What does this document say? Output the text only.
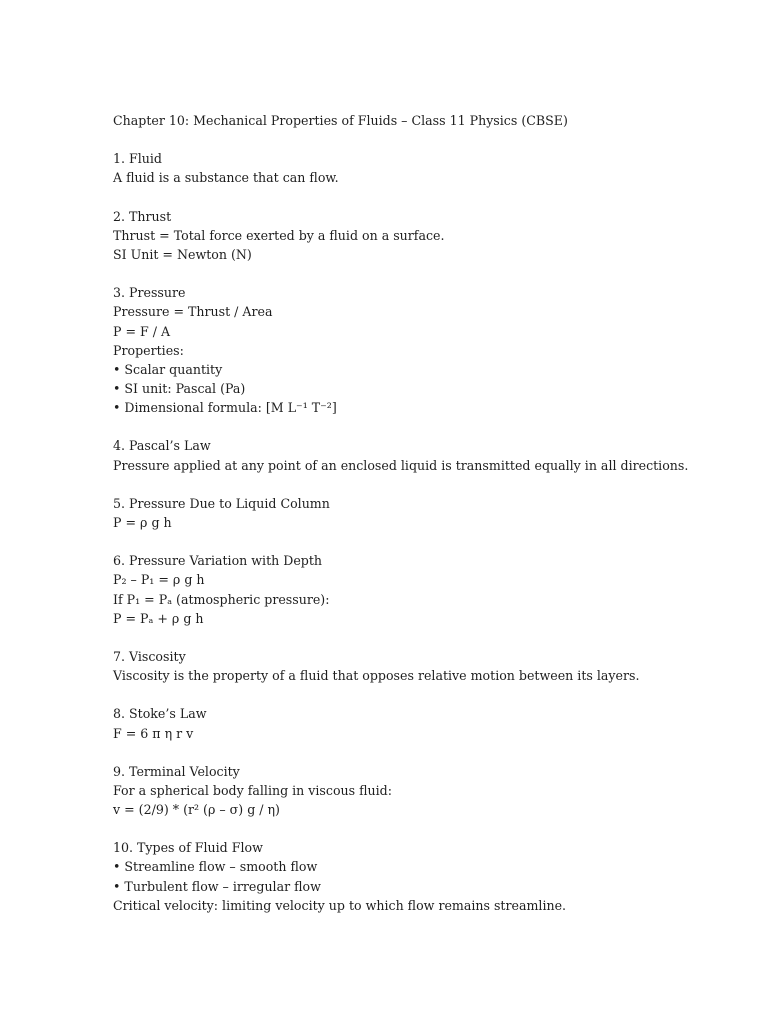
Chapter 10: Mechanical Properties of Fluids – Class 11 Physics (CBSE)
1. Fluid
A fluid is a substance that can flow.
2. Thrust
Thrust = Total force exerted by a fluid on a surface.
SI Unit = Newton (N)
3. Pressure
Pressure = Thrust / Area
P = F / A
Properties:
• Scalar quantity
• SI unit: Pascal (Pa)
• Dimensional formula: [M L⁻¹ T⁻²]
4. Pascal’s Law
Pressure applied at any point of an enclosed liquid is transmitted equally in all directions.
5. Pressure Due to Liquid Column
P = ρ g h
6. Pressure Variation with Depth
P₂ – P₁ = ρ g h
If P₁ = Pₐ (atmospheric pressure):
P = Pₐ + ρ g h
7. Viscosity
Viscosity is the property of a fluid that opposes relative motion between its layers.
8. Stoke’s Law
F = 6 π η r v
9. Terminal Velocity
For a spherical body falling in viscous fluid:
v = (2/9) * (r² (ρ – σ) g / η)
10. Types of Fluid Flow
• Streamline flow – smooth flow
• Turbulent flow – irregular flow
Critical velocity: limiting velocity up to which flow remains streamline.
